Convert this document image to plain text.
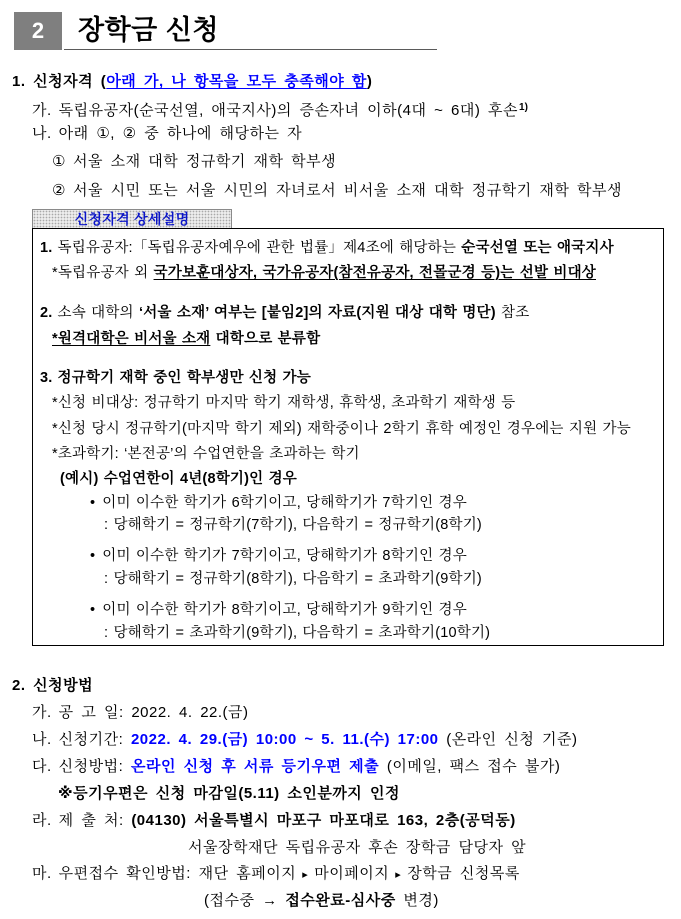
2	장학금 신청
1. 신청자격 (아래 가, 나 항목을 모두 충족해야 함)
가. 독립유공자(순국선열, 애국지사)의 증손자녀 이하(4대 ~ 6대) 후손$^{1)}$
나. 아래 ①, ② 중 하나에 해당하는 자
① 서울 소재 대학 정규학기 재학 학부생
② 서울 시민 또는 서울 시민의 자녀로서 비서울 소재 대학 정규학기 재학 학부생
신청자격 상세설명
1. 독립유공자:「독립유공자예우에 관한 법률」제4조에 해당하는 순국선열 또는 애국지사
*독립유공자 외 국가보훈대상자, 국가유공자(참전유공자, 전몰군경 등)는 선발 비대상
2. 소속 대학의 ‘서울 소재’ 여부는 [붙임2]의 자료(지원 대상 대학 명단) 참조
*원격대학은 비서울 소재 대학으로 분류함
3. 정규학기 재학 중인 학부생만 신청 가능
*신청 비대상: 정규학기 마지막 학기 재학생, 휴학생, 초과학기 재학생 등
*신청 당시 정규학기(마지막 학기 제외) 재학중이나 2학기 휴학 예정인 경우에는 지원 가능
*초과학기: ‘본전공’의 수업연한을 초과하는 학기
(예시) 수업연한이 4년(8학기)인 경우
• 이미 이수한 학기가 6학기이고, 당해학기가 7학기인 경우
: 당해학기 = 정규학기(7학기), 다음학기 = 정규학기(8학기)
• 이미 이수한 학기가 7학기이고, 당해학기가 8학기인 경우
: 당해학기 = 정규학기(8학기), 다음학기 = 초과학기(9학기)
• 이미 이수한 학기가 8학기이고, 당해학기가 9학기인 경우
: 당해학기 = 초과학기(9학기), 다음학기 = 초과학기(10학기)
2. 신청방법
가. 공 고 일: 2022. 4. 22.(금)
나. 신청기간: 2022. 4. 29.(금) 10:00 ~ 5. 11.(수) 17:00 (온라인 신청 기준)
다. 신청방법: 온라인 신청 후 서류 등기우편 제출 (이메일, 팩스 접수 불가)
※등기우편은 신청 마감일(5.11) 소인분까지 인정
라. 제 출 처: (04130) 서울특별시 마포구 마포대로 163, 2층(공덕동)
서울장학재단 독립유공자 후손 장학금 담당자 앞
마. 우편접수 확인방법: 재단 홈페이지 ▸ 마이페이지 ▸ 장학금 신청목록
(접수중 → 접수완료-심사중 변경)
